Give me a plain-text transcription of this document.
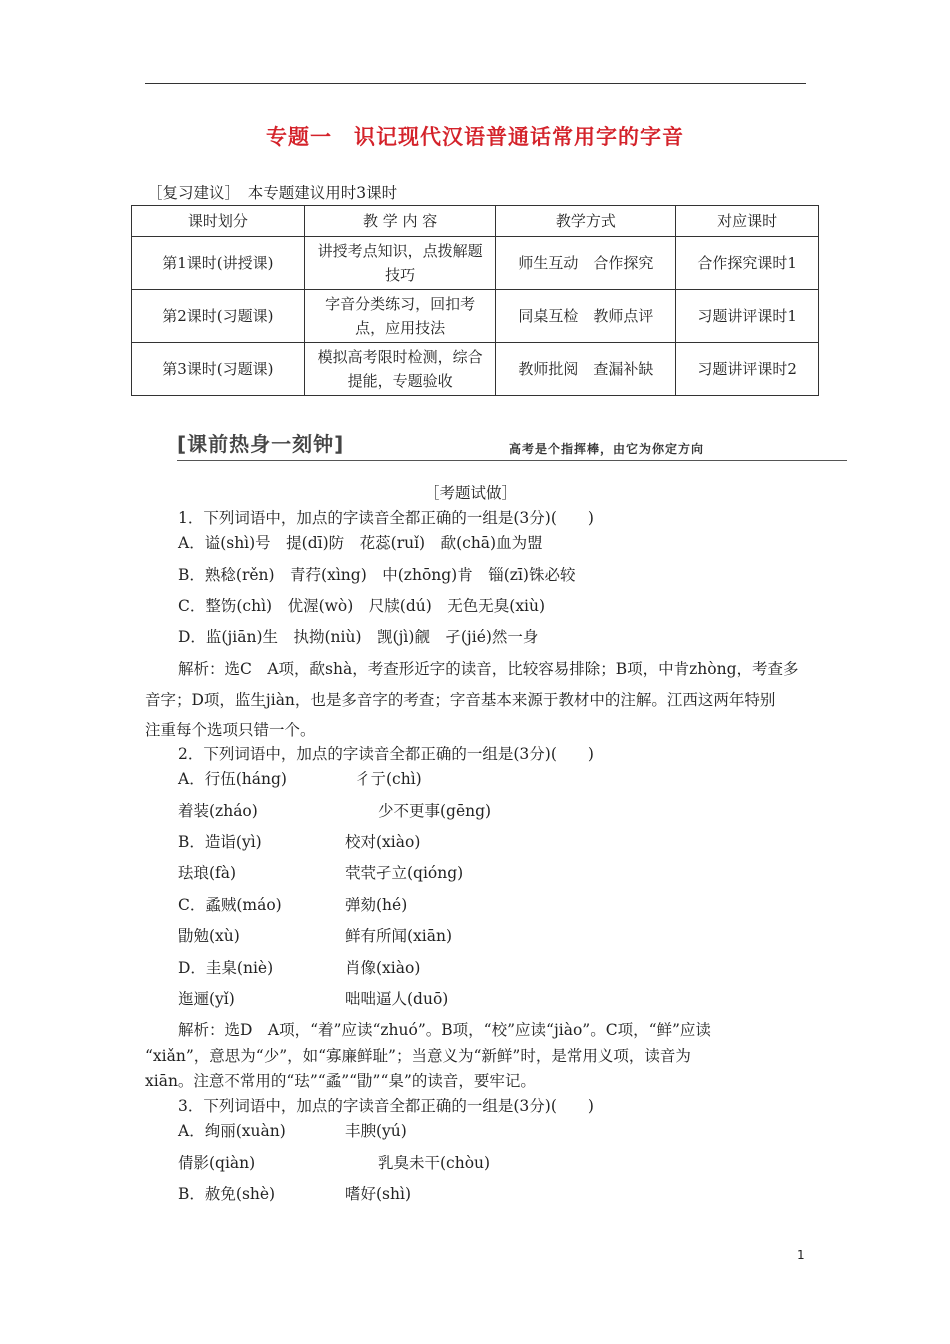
专题一　识记现代汉语普通话常用字的字音
［复习建议］　本专题建议用时3课时
课时划分	教 学 内 容	教学方式	对应课时
第1课时(讲授课)	讲授考点知识，点拨解题技巧	师生互动　合作探究	合作探究课时1
第2课时(习题课)	字音分类练习，回扣考点，应用技法	同桌互检　教师点评	习题讲评课时1
第3课时(习题课)	模拟高考限时检测，综合提能，专题验收	教师批阅　查漏补缺	习题讲评课时2
[课前热身一刻钟]	高考是个指挥棒，由它为你定方向
［考题试做］
1．下列词语中，加点的字读音全都正确的一组是(3分)(　　)
A．谥(shì)号　提(dī)防　花蕊(ruǐ)　歃(chā)血为盟
B．熟稔(rěn)　青荇(xìng)　中(zhōng)肯　锱(zī)铢必较
C．整饬(chì)　优渥(wò)　尺牍(dú)　无色无臭(xiù)
D．监(jiān)生　执拗(niù)　觊(jì)觎　孑(jié)然一身
解析：选C　A项，歃shà，考查形近字的读音，比较容易排除；B项，中肯zhòng，考查多
音字；D项，监生jiàn，也是多音字的考查；字音基本来源于教材中的注解。江西这两年特别
注重每个选项只错一个。
2．下列词语中，加点的字读音全都正确的一组是(3分)(　　)
A．行伍(háng)	彳亍(chì)
着装(zháo)	少不更事(gēng)
B．造诣(yì)	校对(xiào)
珐琅(fà)	茕茕孑立(qióng)
C．蟊贼(máo)	弹劾(hé)
勖勉(xù)	鲜有所闻(xiān)
D．圭臬(niè)	肖像(xiào)
迤逦(yǐ)	咄咄逼人(duō)
解析：选D　A项，“着”应读“zhuó”。B项，“校”应读“jiào”。C项，“鲜”应读
“xiǎn”，意思为“少”，如“寡廉鲜耻”；当意义为“新鲜”时，是常用义项，读音为
xiān。注意不常用的“珐”“蟊”“勖”“臬”的读音，要牢记。
3．下列词语中，加点的字读音全都正确的一组是(3分)(　　)
A．绚丽(xuàn)	丰腴(yú)
倩影(qiàn)	乳臭未干(chòu)
B．赦免(shè)	嗜好(shì)
1
